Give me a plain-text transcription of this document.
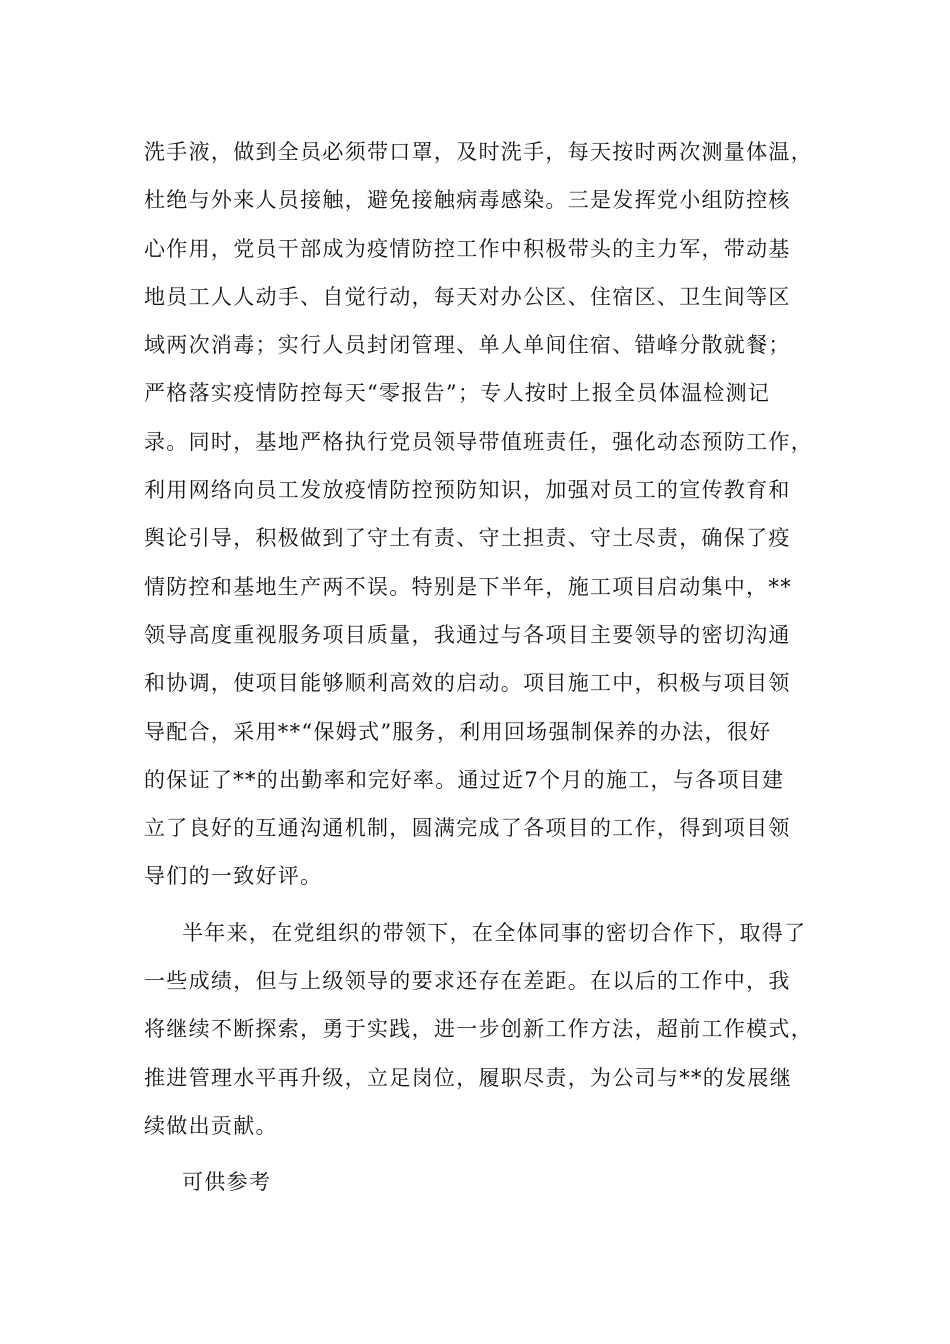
洗手液，做到全员必须带口罩，及时洗手，每天按时两次测量体温，
杜绝与外来人员接触，避免接触病毒感染。三是发挥党小组防控核
心作用，党员干部成为疫情防控工作中积极带头的主力军，带动基
地员工人人动手、自觉行动，每天对办公区、住宿区、卫生间等区
域两次消毒；实行人员封闭管理、单人单间住宿、错峰分散就餐；
严格落实疫情防控每天“零报告”；专人按时上报全员体温检测记
录。同时，基地严格执行党员领导带值班责任，强化动态预防工作，
利用网络向员工发放疫情防控预防知识，加强对员工的宣传教育和
舆论引导，积极做到了守土有责、守土担责、守土尽责，确保了疫
情防控和基地生产两不误。特别是下半年，施工项目启动集中，**
领导高度重视服务项目质量，我通过与各项目主要领导的密切沟通
和协调，使项目能够顺利高效的启动。项目施工中，积极与项目领
导配合，采用**“保姆式”服务，利用回场强制保养的办法，很好
的保证了**的出勤率和完好率。通过近7个月的施工，与各项目建
立了良好的互通沟通机制，圆满完成了各项目的工作，得到项目领
导们的一致好评。
半年来，在党组织的带领下，在全体同事的密切合作下，取得了
一些成绩，但与上级领导的要求还存在差距。在以后的工作中，我
将继续不断探索，勇于实践，进一步创新工作方法，超前工作模式，
推进管理水平再升级，立足岗位，履职尽责，为公司与**的发展继
续做出贡献。
可供参考
